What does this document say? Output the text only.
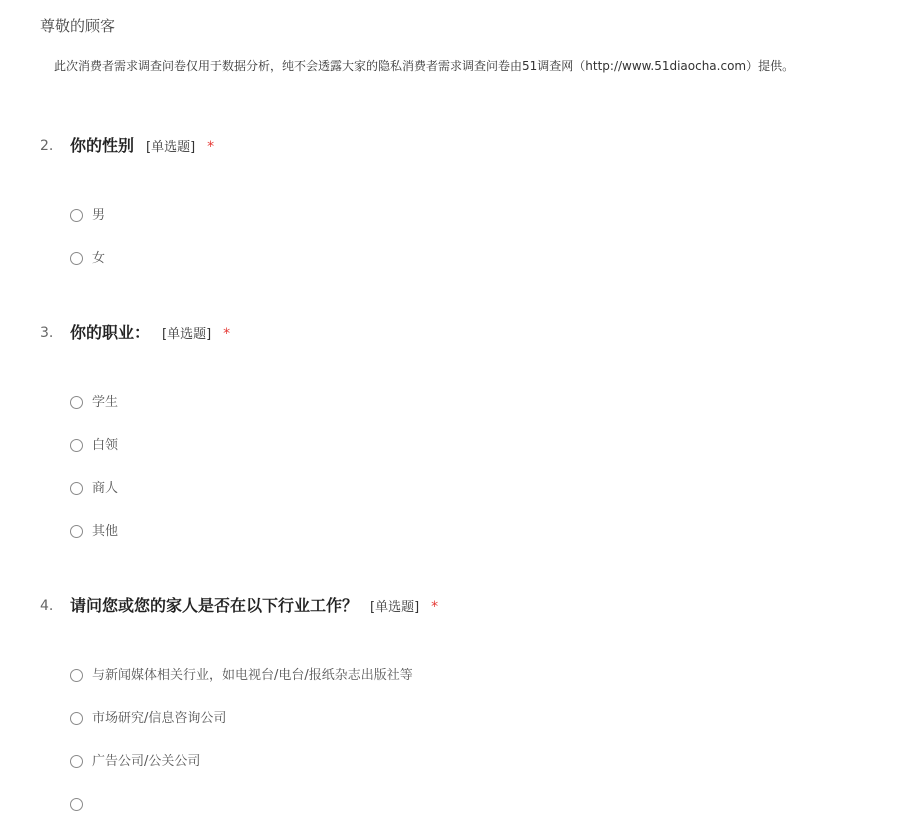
尊敬的顾客
此次消费者需求调查问卷仅用于数据分析，纯不会透露大家的隐私消费者需求调查问卷由51调查网（http://www.51diaocha.com）提供。
2. 你的性别 [单选题] *
男
女
3. 你的职业： [单选题] *
学生
白领
商人
其他
4. 请问您或您的家人是否在以下行业工作？ [单选题] *
与新闻媒体相关行业，如电视台/电台/报纸杂志出版社等
市场研究/信息咨询公司
广告公司/公关公司
